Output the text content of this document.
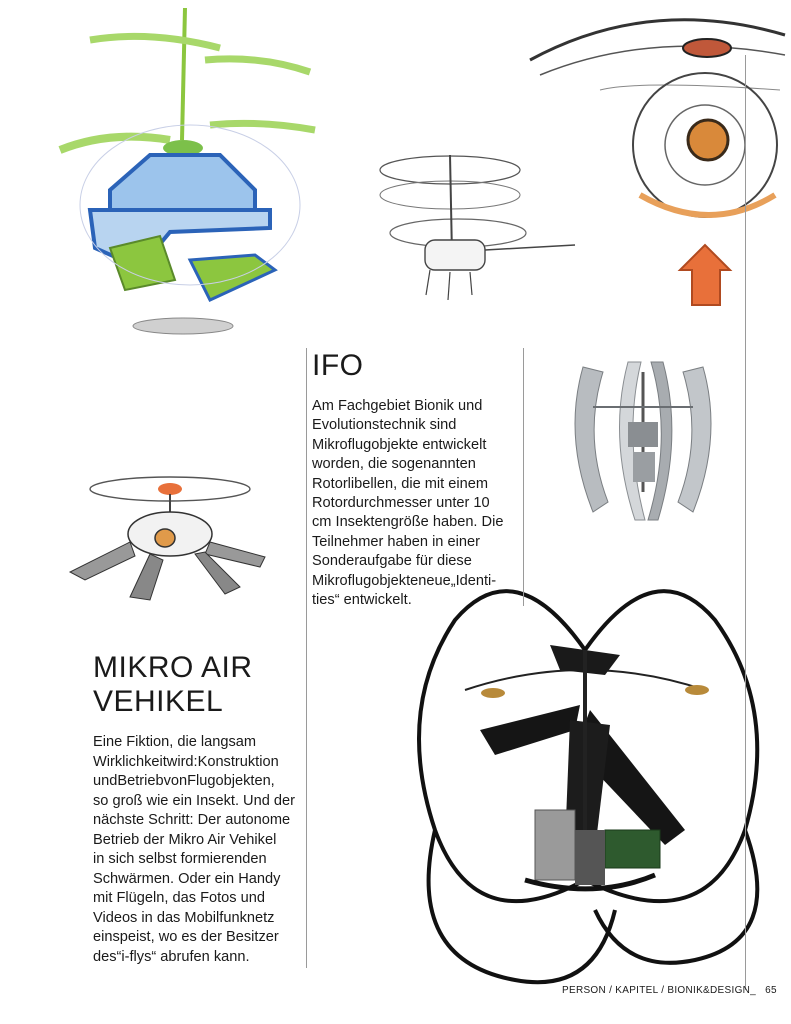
IFO
Am Fachgebiet Bionik und
Evolutionstechnik sind
Mikroflugobjekte entwickelt
worden, die sogenannten
Rotorlibellen, die mit einem
Rotordurchmesser unter 10
cm Insektengröße haben. Die
Teilnehmer haben in einer
Sonderaufgabe für diese
Mikroflugobjekteneue„Identi-
ties“ entwickelt.
MIKRO AIR
VEHIKEL
Eine Fiktion, die langsam
Wirklichkeitwird:Konstruktion
undBetriebvonFlugobjekten,
so groß wie ein Insekt. Und der
nächste Schritt: Der autonome
Betrieb der Mikro Air Vehikel
in sich selbst formierenden
Schwärmen. Oder ein Handy
mit Flügeln, das Fotos und
Videos in das Mobilfunknetz
einspeist, wo es der Besitzer
des“i-flys“ abrufen kann.
PERSON / KAPITEL / BIONIK&DESIGN_ 65
